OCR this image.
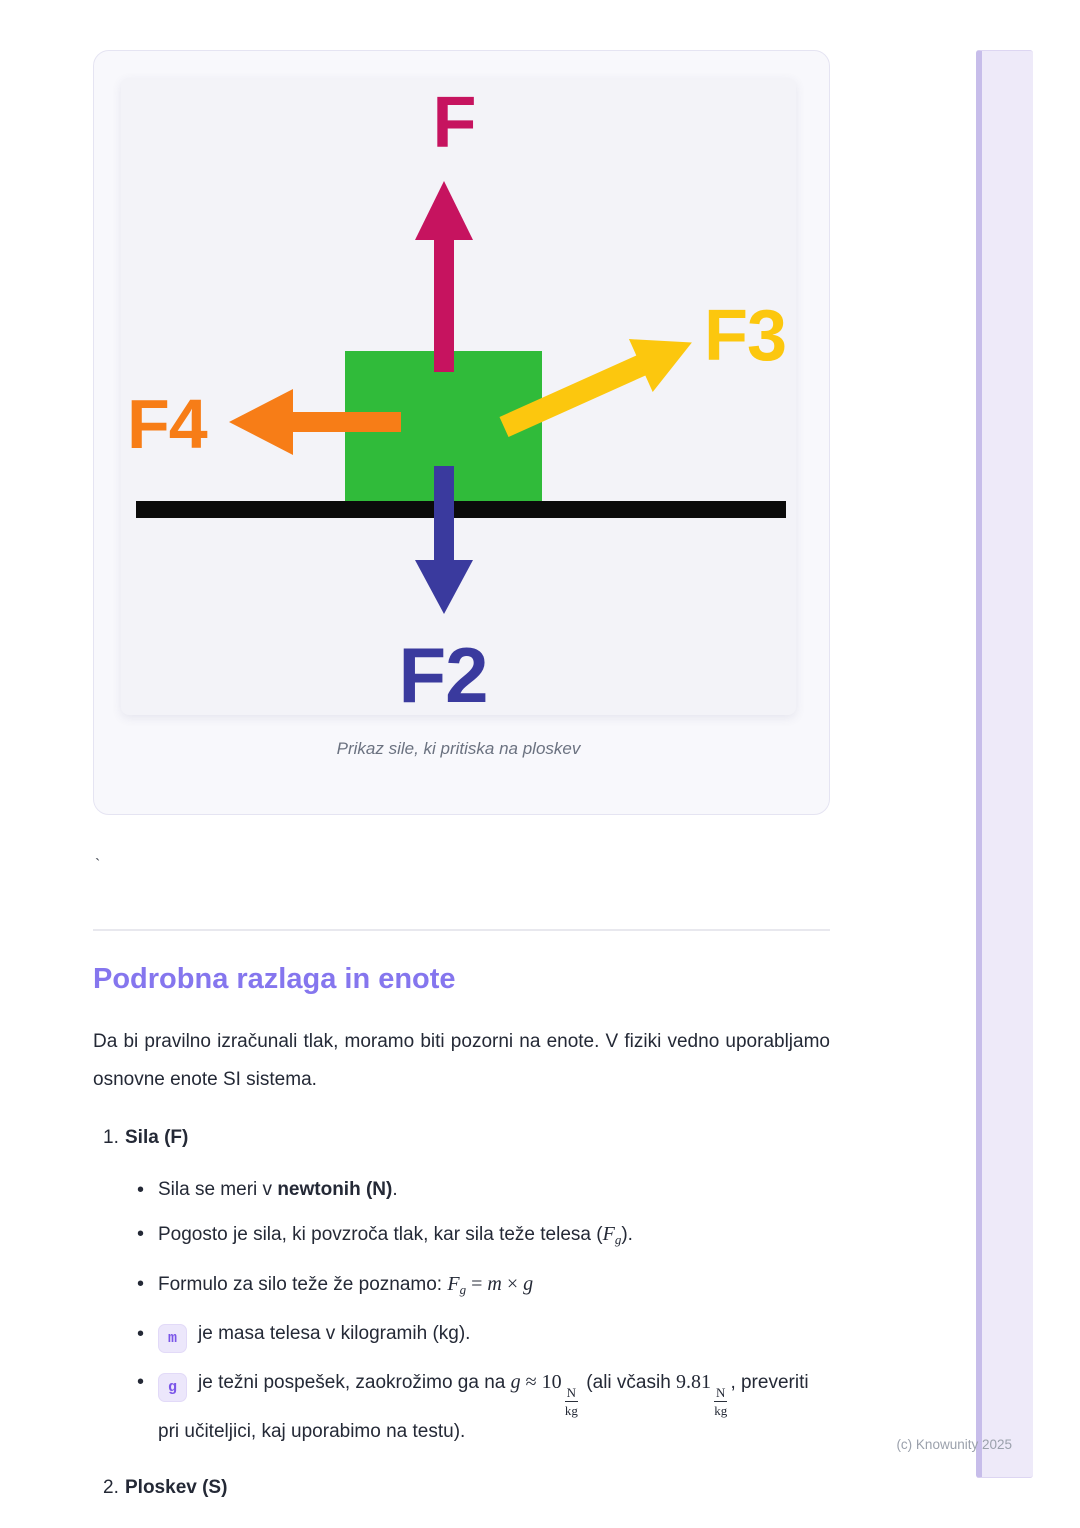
(c) Knowunity 2025
F
F3
F4
F2
Prikaz sile, ki pritiska na ploskev
`
Podrobna razlaga in enote

Da bi pravilno izračunali tlak, moramo biti pozorni na enote. V fiziki vedno uporabljamo osnovne enote SI sistema.

1. Sila (F)
• Sila se meri v newtonih (N).
• Pogosto je sila, ki povzroča tlak, kar sila teže telesa $(F_g)$.
• Formulo za silo teže že poznamo: $F_g = m \times g$
• m je masa telesa v kilogramih (kg).
• g je težni pospešek, zaokrožimo ga na g ≈ 10
$\frac{N}{kg}$
(ali včasih 9.81
$\frac{N}{kg}$
, preveriti pri učiteljici, kaj uporabimo na testu).
2. Ploskev (S)
